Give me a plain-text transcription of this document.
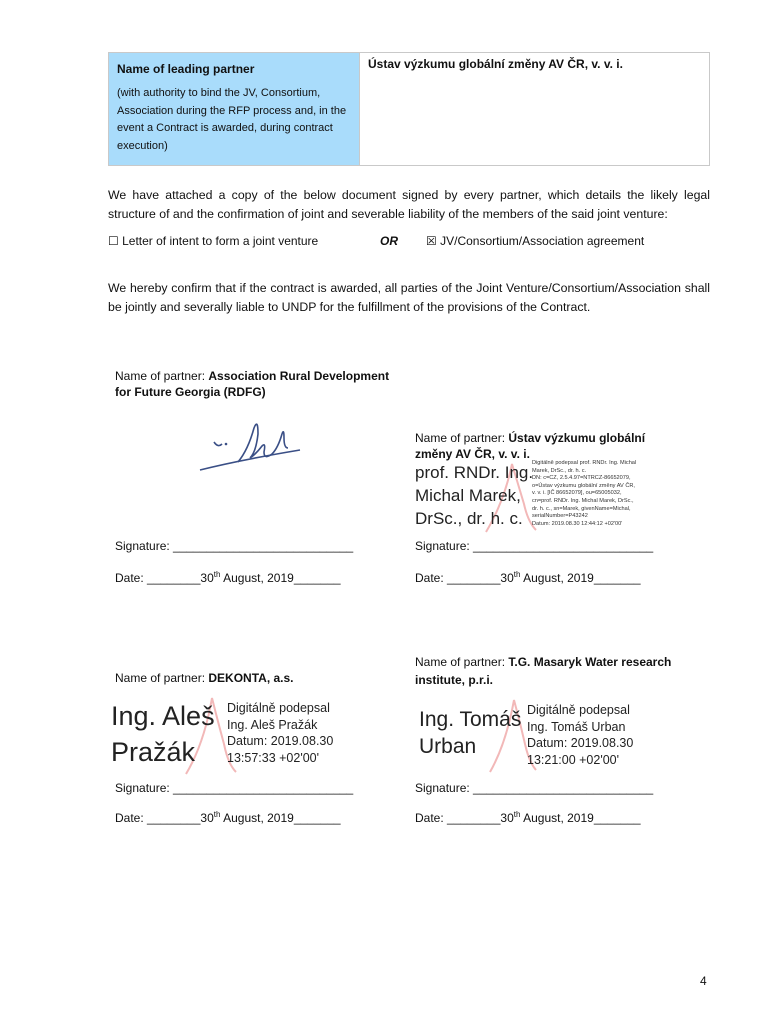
Name of leading partner
(with authority to bind the JV, Consortium, Association during the RFP process and, in the event a Contract is awarded, during contract execution)
	Ústav výzkumu globální změny AV ČR, v. v. i.
We have attached a copy of the below document signed by every partner, which details the likely legal structure of and the confirmation of joint and severable liability of the members of the said joint venture:
☐ Letter of intent to form a joint venture	OR ☒ JV/Consortium/Association agreement
We hereby confirm that if the contract is awarded, all parties of the Joint Venture/Consortium/Association shall be jointly and severally liable to UNDP for the fulfillment of the provisions of the Contract.
Name of partner: Association Rural Development for Future Georgia (RDFG)
Signature: ___________________________
Date: ________30th August, 2019_______
Name of partner: Ústav výzkumu globální změny AV ČR, v. v. i.
prof. RNDr. Ing.
Michal Marek,
DrSc., dr. h. c.
Digitálně podepsal prof. RNDr. Ing. Michal
Marek, DrSc., dr. h. c.
DN: c=CZ, 2.5.4.97=NTRCZ-86652079,
o=Ústav výzkumu globální změny AV ČR,
v. v. i. [IČ 86652079], ou=65005032,
cn=prof. RNDr. Ing. Michal Marek, DrSc.,
dr. h. c., sn=Marek, givenName=Michal,
serialNumber=P43242
Datum: 2019.08.30 12:44:12 +02'00'
Signature: ___________________________
Date: ________30th August, 2019_______
Name of partner: DEKONTA, a.s.
Ing. Aleš
Pražák
Digitálně podepsal
Ing. Aleš Pražák
Datum: 2019.08.30
13:57:33 +02'00'
Signature: ___________________________
Date: ________30th August, 2019_______
Name of partner: T.G. Masaryk Water research institute, p.r.i.
Ing. Tomáš
Urban
Digitálně podepsal
Ing. Tomáš Urban
Datum: 2019.08.30
13:21:00 +02'00'
Signature: ___________________________
Date: ________30th August, 2019_______
4
